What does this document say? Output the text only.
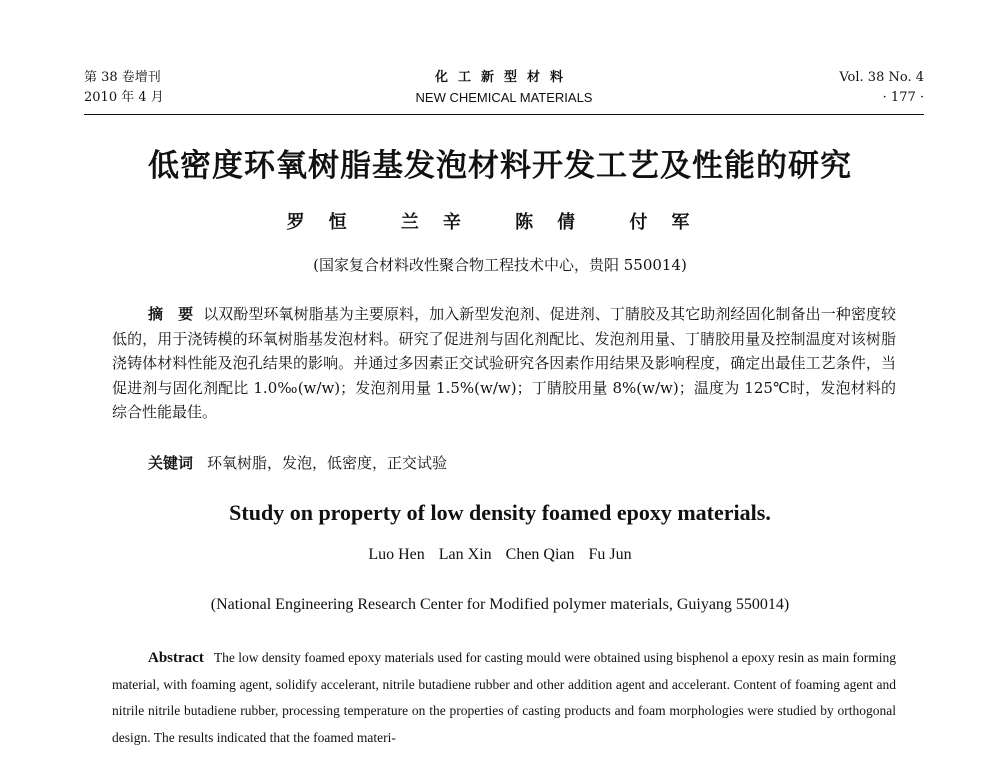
第 38 卷增刊
2010 年 4 月
化工新型材料
NEW CHEMICAL MATERIALS
Vol. 38 No. 4
· 177 ·
低密度环氧树脂基发泡材料开发工艺及性能的研究
罗恒 兰辛 陈倩 付军
(国家复合材料改性聚合物工程技术中心，贵阳 550014)
摘　要 以双酚型环氧树脂基为主要原料，加入新型发泡剂、促进剂、丁腈胶及其它助剂经固化制备出一种密度较低的，用于浇铸模的环氧树脂基发泡材料。研究了促进剂与固化剂配比、发泡剂用量、丁腈胶用量及控制温度对该树脂浇铸体材料性能及泡孔结果的影响。并通过多因素正交试验研究各因素作用结果及影响程度，确定出最佳工艺条件，当促进剂与固化剂配比 1.0‰(w/w)；发泡剂用量 1.5%(w/w)；丁腈胶用量 8%(w/w)；温度为 125℃时，发泡材料的综合性能最佳。
关键词 环氧树脂，发泡，低密度，正交试验
Study on property of low density foamed epoxy materials.
Luo Hen Lan Xin Chen Qian Fu Jun
(National Engineering Research Center for Modified polymer materials, Guiyang 550014)
Abstract The low density foamed epoxy materials used for casting mould were obtained using bisphenol a epoxy resin as main forming material, with foaming agent, solidify accelerant, nitrile butadiene rubber and other addition agent and accelerant. Content of foaming agent and nitrile nitrile butadiene rubber, processing temperature on the properties of casting products and foam morphologies were studied by orthogonal design. The results indicated that the foamed materi-
